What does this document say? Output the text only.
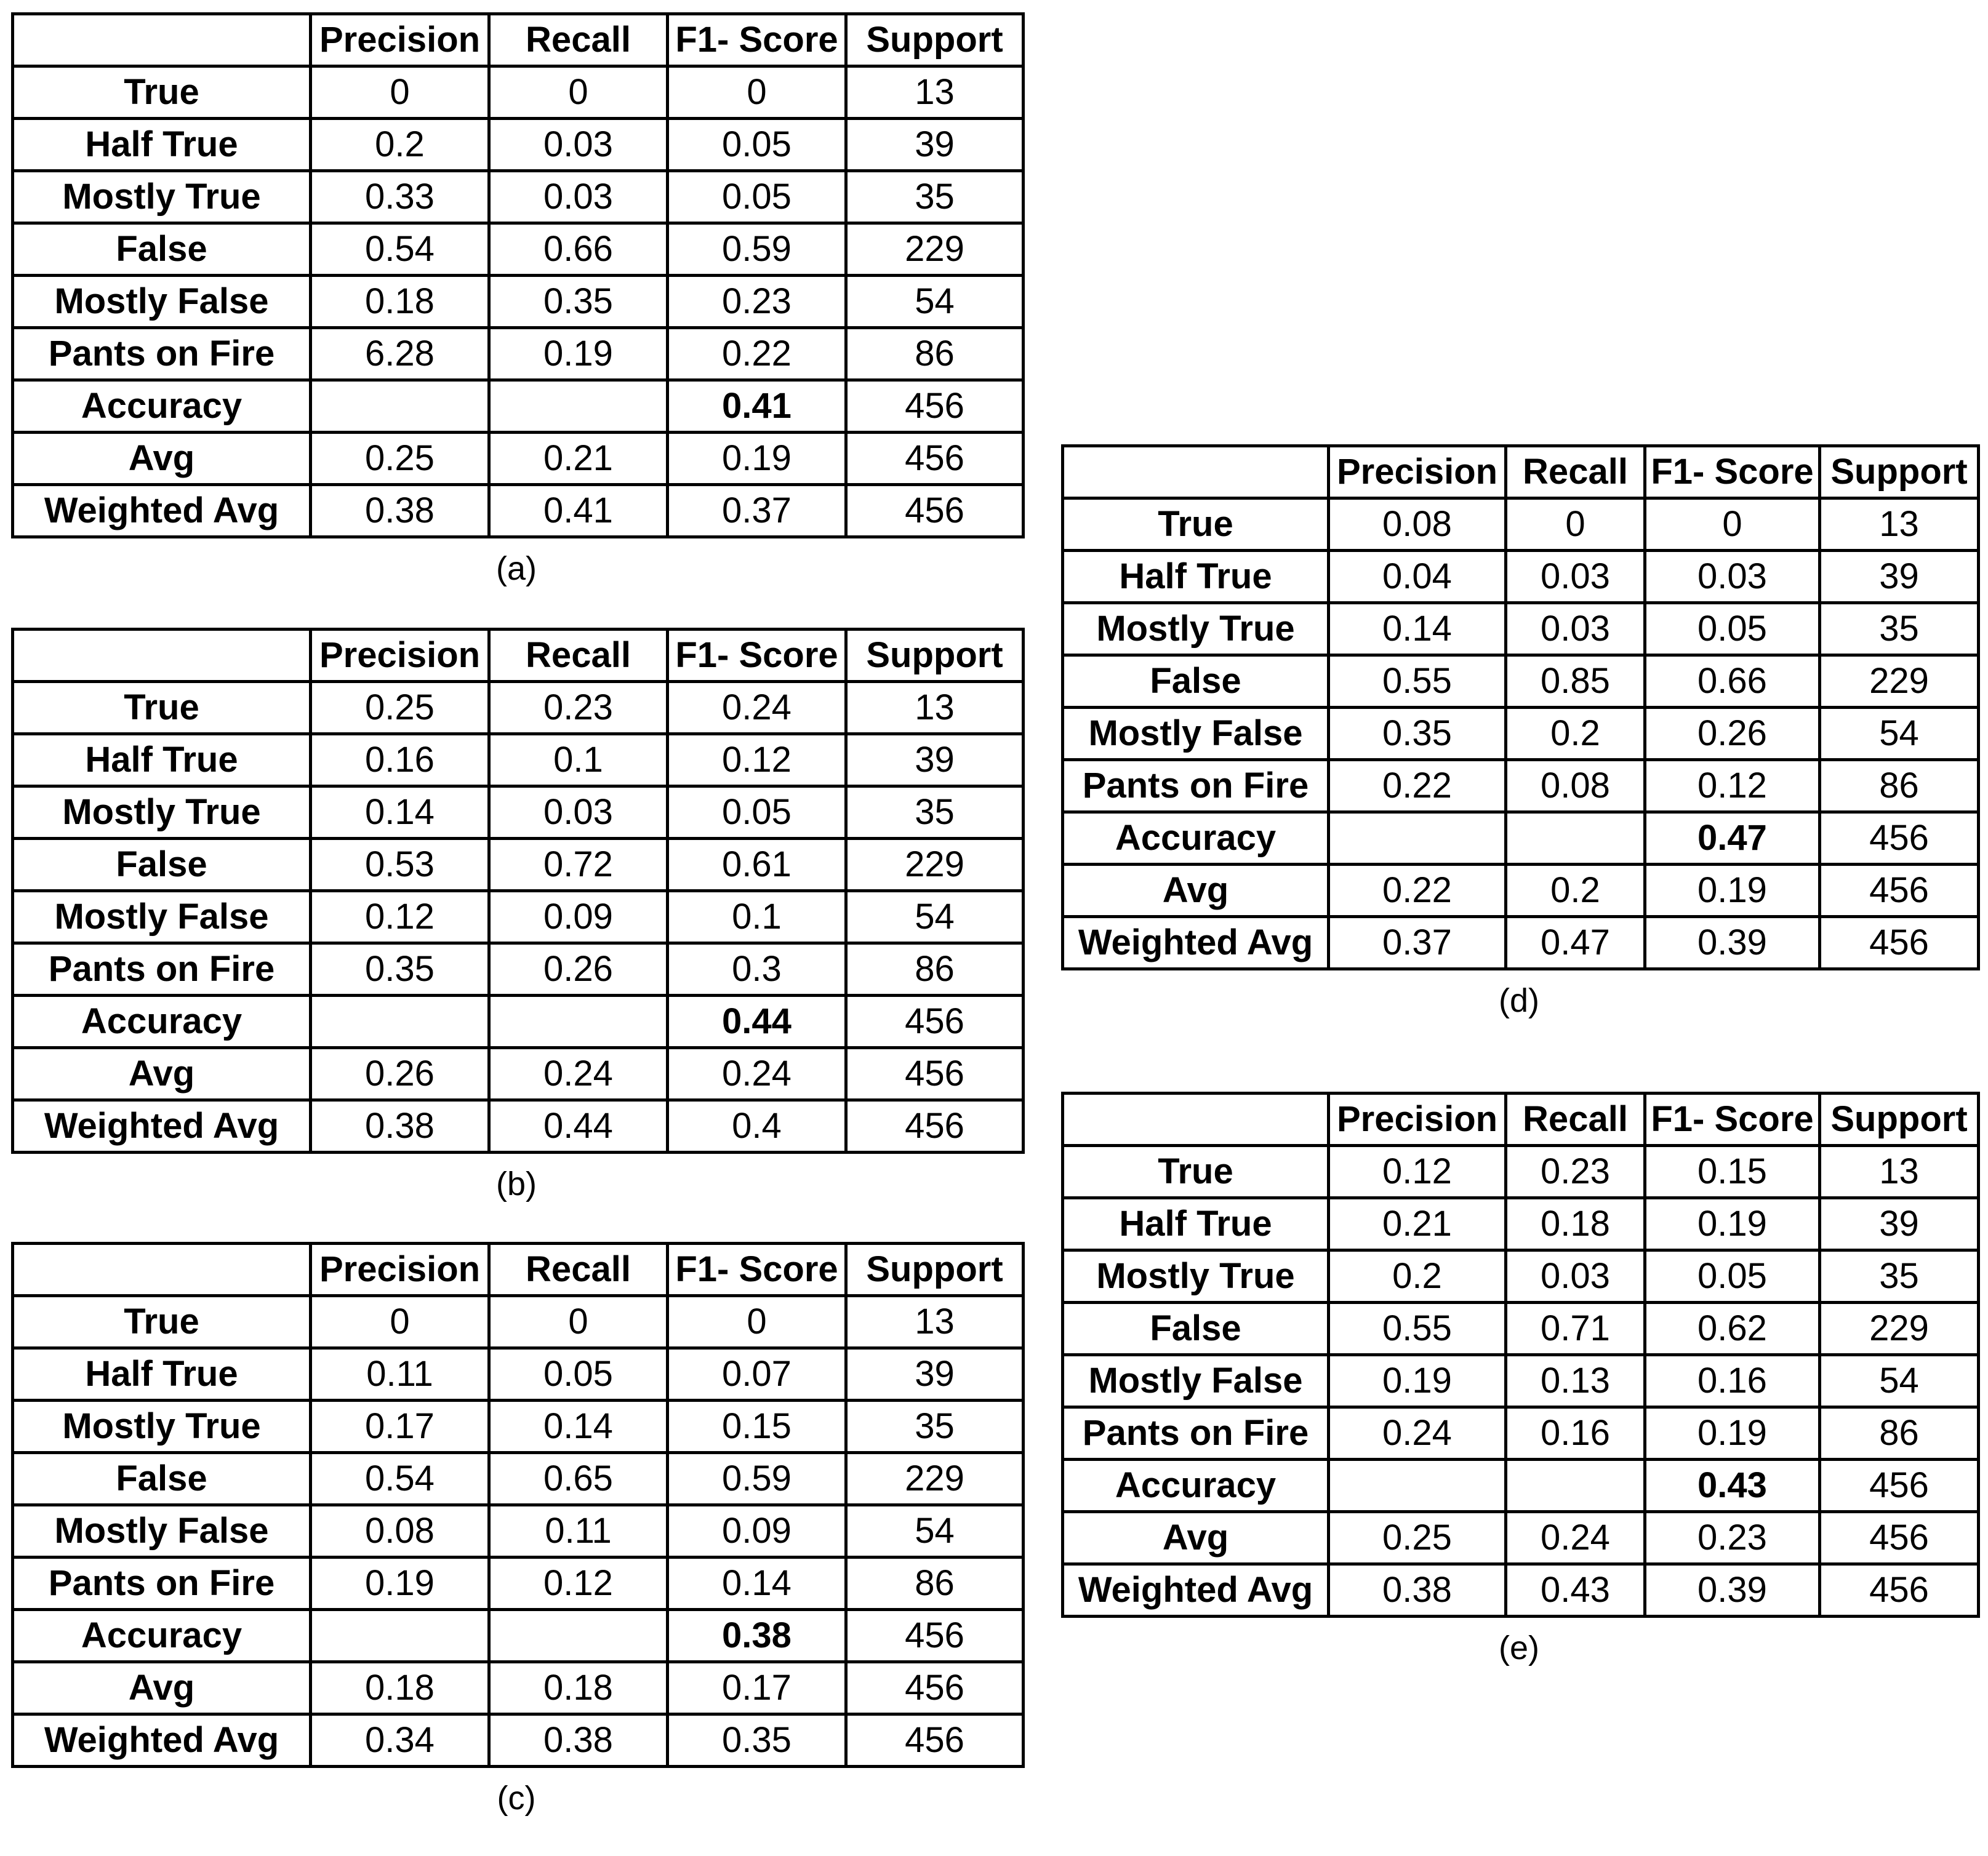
	Precision	Recall	F1- Score	Support
True	0	0	0	13
Half True	0.2	0.03	0.05	39
Mostly True	0.33	0.03	0.05	35
False	0.54	0.66	0.59	229
Mostly False	0.18	0.35	0.23	54
Pants on Fire	6.28	0.19	0.22	86
Accuracy			0.41	456
Avg	0.25	0.21	0.19	456
Weighted Avg	0.38	0.41	0.37	456
(a)
	Precision	Recall	F1- Score	Support
True	0.25	0.23	0.24	13
Half True	0.16	0.1	0.12	39
Mostly True	0.14	0.03	0.05	35
False	0.53	0.72	0.61	229
Mostly False	0.12	0.09	0.1	54
Pants on Fire	0.35	0.26	0.3	86
Accuracy			0.44	456
Avg	0.26	0.24	0.24	456
Weighted Avg	0.38	0.44	0.4	456
(b)
	Precision	Recall	F1- Score	Support
True	0	0	0	13
Half True	0.11	0.05	0.07	39
Mostly True	0.17	0.14	0.15	35
False	0.54	0.65	0.59	229
Mostly False	0.08	0.11	0.09	54
Pants on Fire	0.19	0.12	0.14	86
Accuracy			0.38	456
Avg	0.18	0.18	0.17	456
Weighted Avg	0.34	0.38	0.35	456
(c)
	Precision	Recall	F1- Score	Support
True	0.08	0	0	13
Half True	0.04	0.03	0.03	39
Mostly True	0.14	0.03	0.05	35
False	0.55	0.85	0.66	229
Mostly False	0.35	0.2	0.26	54
Pants on Fire	0.22	0.08	0.12	86
Accuracy			0.47	456
Avg	0.22	0.2	0.19	456
Weighted Avg	0.37	0.47	0.39	456
(d)
	Precision	Recall	F1- Score	Support
True	0.12	0.23	0.15	13
Half True	0.21	0.18	0.19	39
Mostly True	0.2	0.03	0.05	35
False	0.55	0.71	0.62	229
Mostly False	0.19	0.13	0.16	54
Pants on Fire	0.24	0.16	0.19	86
Accuracy			0.43	456
Avg	0.25	0.24	0.23	456
Weighted Avg	0.38	0.43	0.39	456
(e)
